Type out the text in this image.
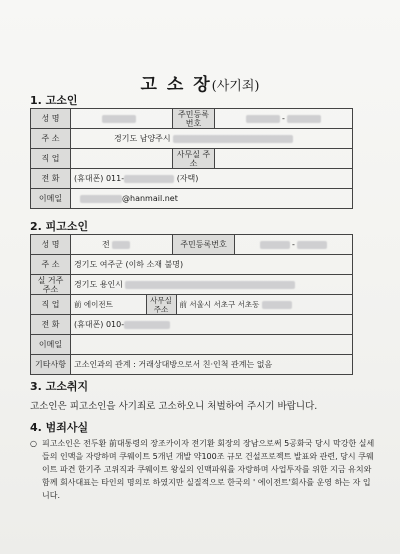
고 소 장(사기죄)
1. 고소인
성 명		주민등록번호	-
주 소	경기도 남양주시		
직 업		사무실 주소	
전 화	(휴대폰) 011- (자택)		
이메일	@hanmail.net		
2. 피고소인
성 명	전	주민등록번호	-
주 소	경기도 여주군 (이하 소재 불명)
실 거주 주소	경기도 용인시
직 업	前 에이전트	사무실 주소	前 서울시 서초구 서초동

전 화	(휴대폰) 010-
이메일	
기타사항	고소인과의 관계 : 거래상대방으로서 친·인척 관계는 없음
3. 고소취지
고소인은 피고소인을 사기죄로 고소하오니 처벌하여 주시기 바랍니다.
4. 범죄사실
○ 피고소인은 전두환 前대통령의 장조카이자 전기환 회장의 장남으로써 5공화국 당시 막강한 실세들의 인맥을 자랑하며 쿠웨이트 5개년 개발 약100조 규모 건설프로젝트 발표와 관련, 당시 쿠웨이트 파견 한기주 고위직과 쿠웨이트 왕실의 인맥파워를 자랑하며 사업투자를 위한 지금 유치와 함께 회사대표는 타인의 명의로 하였지만 실질적으로 한국의 ' 에이전트'회사를 운영 하는 자 입니다.
